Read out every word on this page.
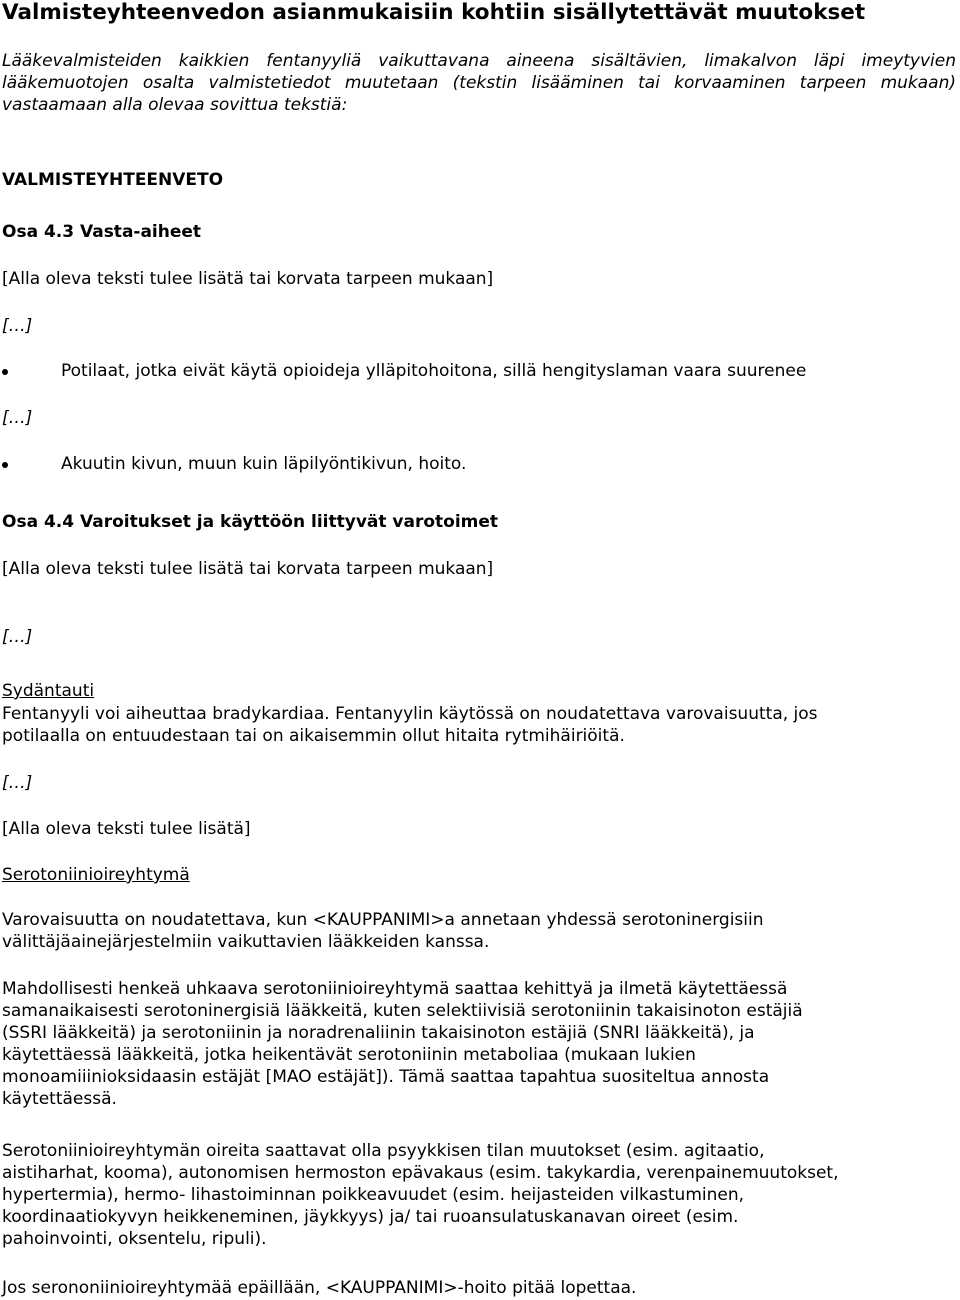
Valmisteyhteenvedon asianmukaisiin kohtiin sisällytettävät muutokset

Lääkevalmisteiden kaikkien fentanyyliä vaikuttavana aineena sisältävien, limakalvon läpi imeytyvien lääkemuotojen osalta valmistetiedot muutetaan (tekstin lisääminen tai korvaaminen tarpeen mukaan) vastaamaan alla olevaa sovittua tekstiä:

VALMISTEYHTEENVETO

Osa 4.3 Vasta-aiheet

[Alla oleva teksti tulee lisätä tai korvata tarpeen mukaan]

[…]

Potilaat, jotka eivät käytä opioideja ylläpitohoitona, sillä hengityslaman vaara suurenee

[…]

Akuutin kivun, muun kuin läpilyöntikivun, hoito.

Osa 4.4 Varoitukset ja käyttöön liittyvät varotoimet

[Alla oleva teksti tulee lisätä tai korvata tarpeen mukaan]

[…]

Sydäntauti

Fentanyyli voi aiheuttaa bradykardiaa. Fentanyylin käytössä on noudatettava varovaisuutta, jos

potilaalla on entuudestaan tai on aikaisemmin ollut hitaita rytmihäiriöitä.

[…]

[Alla oleva teksti tulee lisätä]

Serotoniinioireyhtymä

Varovaisuutta on noudatettava, kun <KAUPPANIMI>a annetaan yhdessä serotoninergisiin
välittäjäainejärjestelmiin vaikuttavien lääkkeiden kanssa.
Mahdollisesti henkeä uhkaava serotoniinioireyhtymä saattaa kehittyä ja ilmetä käytettäessä
samanaikaisesti serotoninergisiä lääkkeitä, kuten selektiivisiä serotoniinin takaisinoton estäjiä
(SSRI lääkkeitä) ja serotoniinin ja noradrenaliinin takaisinoton estäjiä (SNRI lääkkeitä), ja
käytettäessä lääkkeitä, jotka heikentävät serotoniinin metaboliaa (mukaan lukien
monoamiiinioksidaasin estäjät [MAO estäjät]). Tämä saattaa tapahtua suositeltua annosta
käytettäessä.
Serotoniinioireyhtymän oireita saattavat olla psyykkisen tilan muutokset (esim. agitaatio,
aistiharhat, kooma), autonomisen hermoston epävakaus (esim. takykardia, verenpainemuutokset,
hypertermia), hermo- lihastoiminnan poikkeavuudet (esim. heijasteiden vilkastuminen,
koordinaatiokyvyn heikkeneminen, jäykkyys) ja/ tai ruoansulatuskanavan oireet (esim.
pahoinvointi, oksentelu, ripuli).

Jos serononiinioireyhtymää epäillään, <KAUPPANIMI>-hoito pitää lopettaa.
